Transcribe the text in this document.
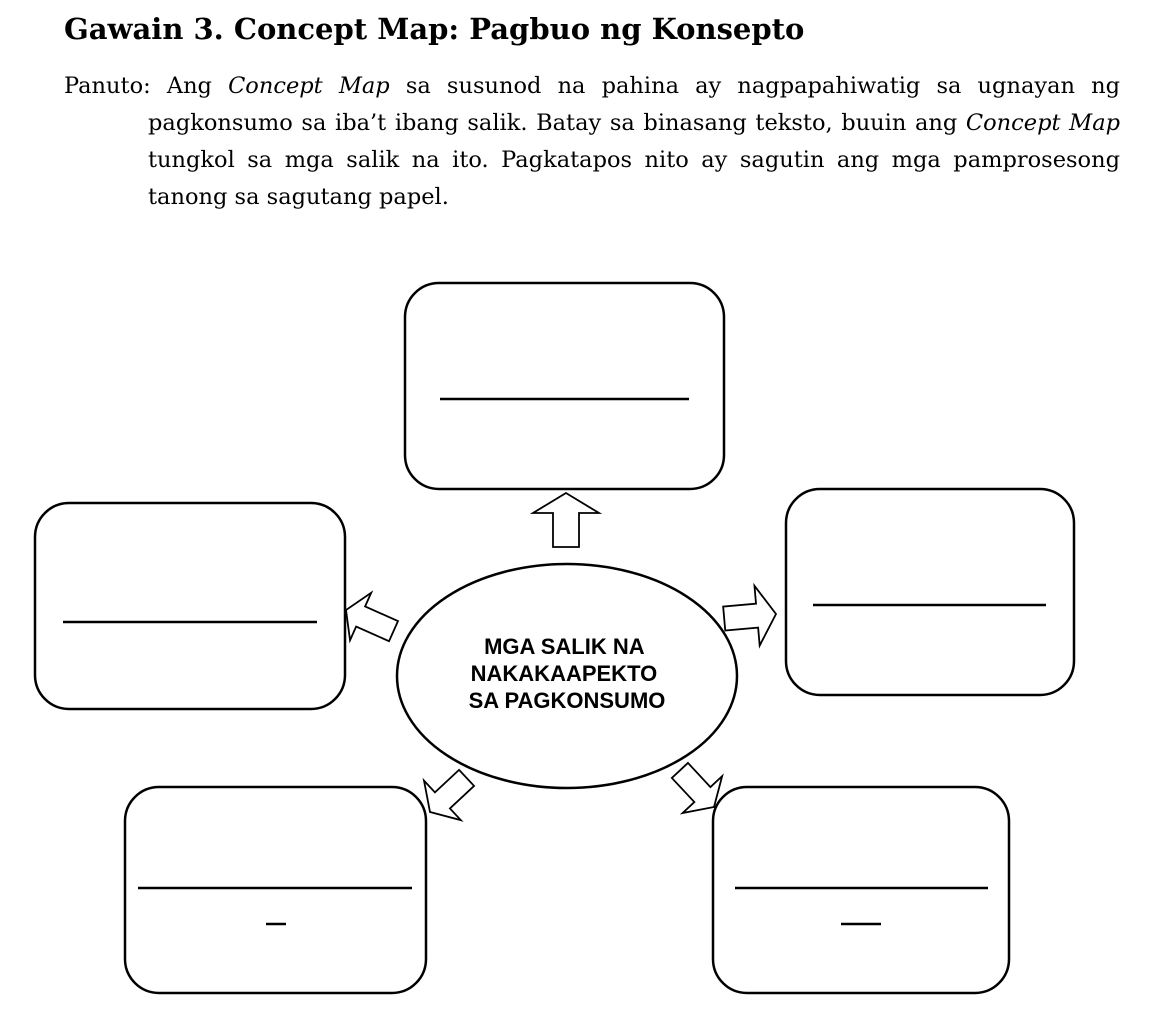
Gawain 3. Concept Map: Pagbuo ng Konsepto

Panuto: Ang Concept Map sa susunod na pahina ay nagpapahiwatig sa ugnayan ng pagkonsumo sa iba’t ibang salik. Batay sa binasang teksto, buuin ang Concept Map tungkol sa mga salik na ito. Pagkatapos nito ay sagutin ang mga pamprosesong tanong sa sagutang papel.

MGA SALIK NA NAKAKAAPEKTO SA PAGKONSUMO
